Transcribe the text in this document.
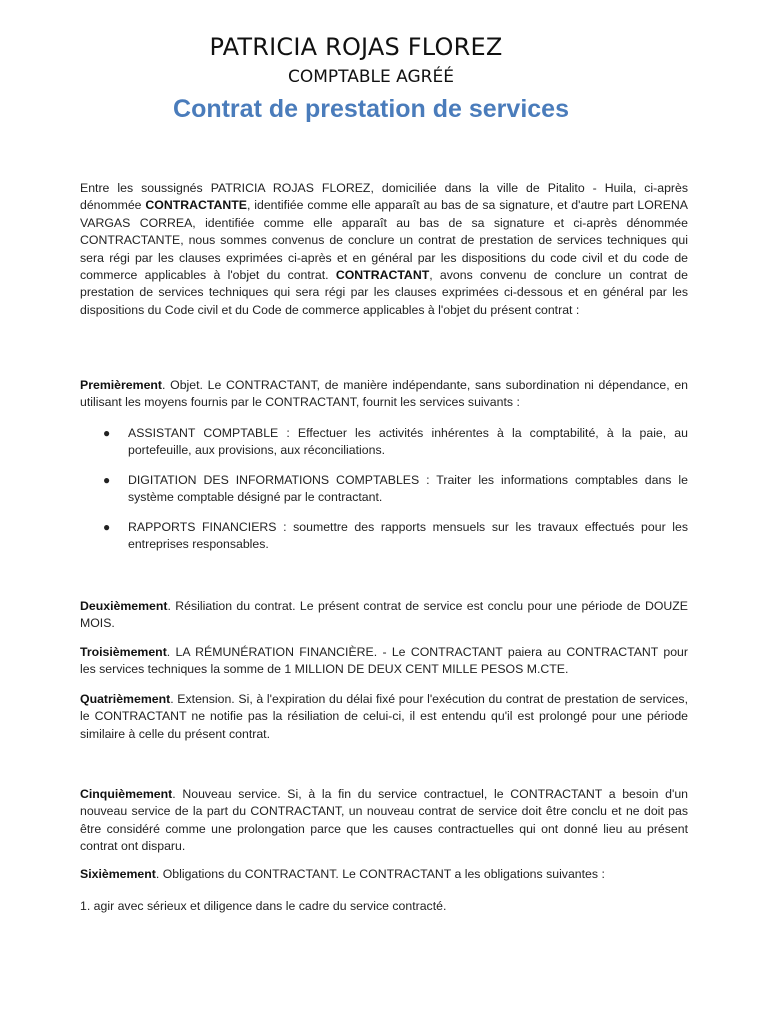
PATRICIA ROJAS FLOREZ
COMPTABLE AGRÉÉ
Contrat de prestation de services

Entre les soussignés PATRICIA ROJAS FLOREZ, domiciliée dans la ville de Pitalito - Huila, ci-après dénommée CONTRACTANTE, identifiée comme elle apparaît au bas de sa signature, et d'autre part LORENA VARGAS CORREA, identifiée comme elle apparaît au bas de sa signature et ci-après dénommée CONTRACTANTE, nous sommes convenus de conclure un contrat de prestation de services techniques qui sera régi par les clauses exprimées ci-après et en général par les dispositions du code civil et du code de commerce applicables à l'objet du contrat. CONTRACTANT, avons convenu de conclure un contrat de prestation de services techniques qui sera régi par les clauses exprimées ci-dessous et en général par les dispositions du Code civil et du Code de commerce applicables à l'objet du présent contrat :

Premièrement. Objet. Le CONTRACTANT, de manière indépendante, sans subordination ni dépendance, en utilisant les moyens fournis par le CONTRACTANT, fournit les services suivants :

● ASSISTANT COMPTABLE : Effectuer les activités inhérentes à la comptabilité, à la paie, au portefeuille, aux provisions, aux réconciliations.
● DIGITATION DES INFORMATIONS COMPTABLES : Traiter les informations comptables dans le système comptable désigné par le contractant.
● RAPPORTS FINANCIERS : soumettre des rapports mensuels sur les travaux effectués pour les entreprises responsables.

Deuxièmement. Résiliation du contrat. Le présent contrat de service est conclu pour une période de DOUZE MOIS.

Troisièmement. LA RÉMUNÉRATION FINANCIÈRE. - Le CONTRACTANT paiera au CONTRACTANT pour les services techniques la somme de 1 MILLION DE DEUX CENT MILLE PESOS M.CTE.

Quatrièmement. Extension. Si, à l'expiration du délai fixé pour l'exécution du contrat de prestation de services, le CONTRACTANT ne notifie pas la résiliation de celui-ci, il est entendu qu'il est prolongé pour une période similaire à celle du présent contrat.

Cinquièmement. Nouveau service. Si, à la fin du service contractuel, le CONTRACTANT a besoin d'un nouveau service de la part du CONTRACTANT, un nouveau contrat de service doit être conclu et ne doit pas être considéré comme une prolongation parce que les causes contractuelles qui ont donné lieu au présent contrat ont disparu.

Sixièmement. Obligations du CONTRACTANT. Le CONTRACTANT a les obligations suivantes :

1. agir avec sérieux et diligence dans le cadre du service contracté.
